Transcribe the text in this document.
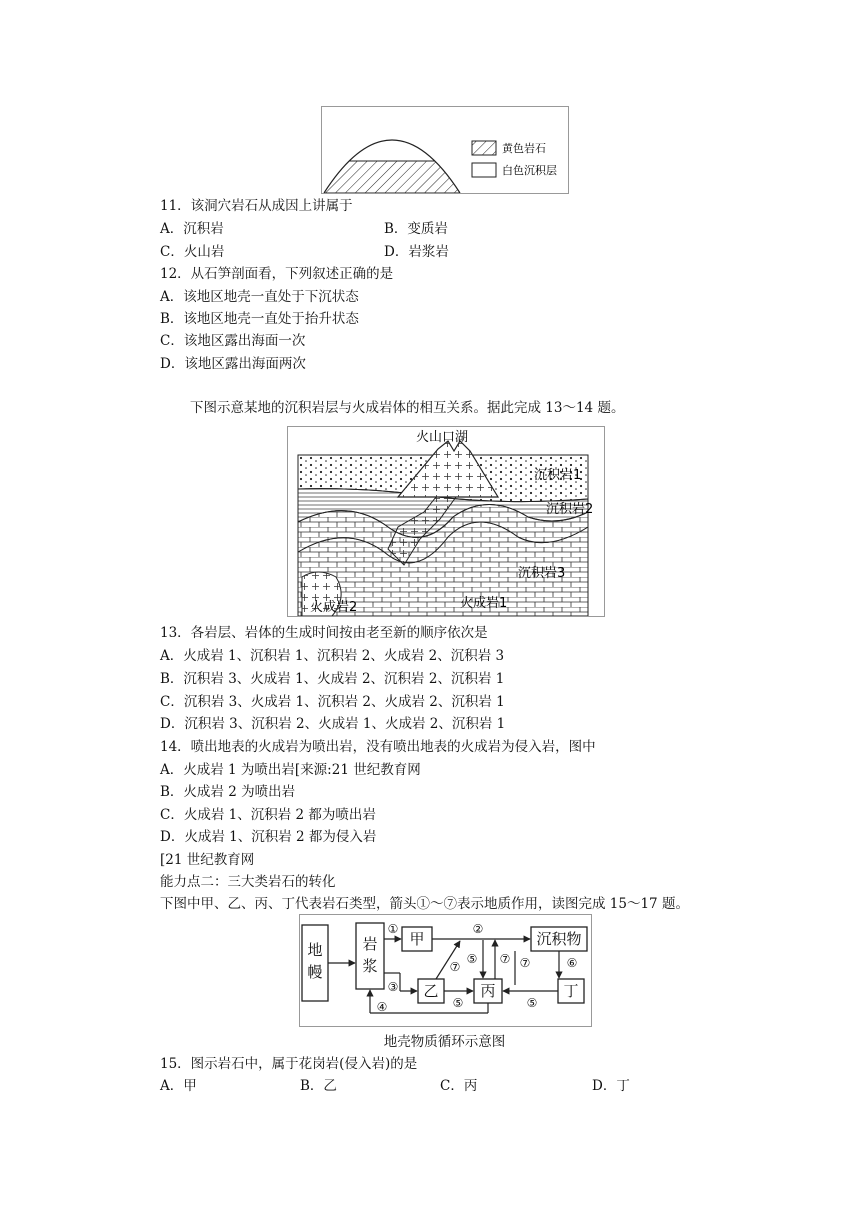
黄色岩石
白色沉积层
11．该洞穴岩石从成因上讲属于
A．沉积岩	B．变质岩
C．火山岩	D．岩浆岩
12．从石笋剖面看，下列叙述正确的是
A．该地区地壳一直处于下沉状态
B．该地区地壳一直处于抬升状态
C．该地区露出海面一次
D．该地区露出海面两次
下图示意某地的沉积岩层与火成岩体的相互关系。据此完成 13～14 题。
火山口湖
沉积岩1
沉积岩2
沉积岩3
火成岩1
火成岩2
13．各岩层、岩体的生成时间按由老至新的顺序依次是
A．火成岩 1、沉积岩 1、沉积岩 2、火成岩 2、沉积岩 3
B．沉积岩 3、火成岩 1、火成岩 2、沉积岩 2、沉积岩 1
C．沉积岩 3、火成岩 1、沉积岩 2、火成岩 2、沉积岩 1
D．沉积岩 3、沉积岩 2、火成岩 1、火成岩 2、沉积岩 1
14．喷出地表的火成岩为喷出岩，没有喷出地表的火成岩为侵入岩，图中
A．火成岩 1 为喷出岩[来源:21 世纪教育网
B．火成岩 2 为喷出岩
C．火成岩 1、沉积岩 2 都为喷出岩
D．火成岩 1、沉积岩 2 都为侵入岩
[21 世纪教育网
能力点二：三大类岩石的转化
下图中甲、乙、丙、丁代表岩石类型，箭头①～⑦表示地质作用，读图完成 15～17 题。
地
幔
岩
浆
甲	沉积物
乙	丙	丁
①	②
③
④
⑤
⑤	⑤
⑥
⑦
⑦ ⑦
地壳物质循环示意图
15．图示岩石中，属于花岗岩(侵入岩)的是
A．甲	B．乙	C．丙	D．丁
